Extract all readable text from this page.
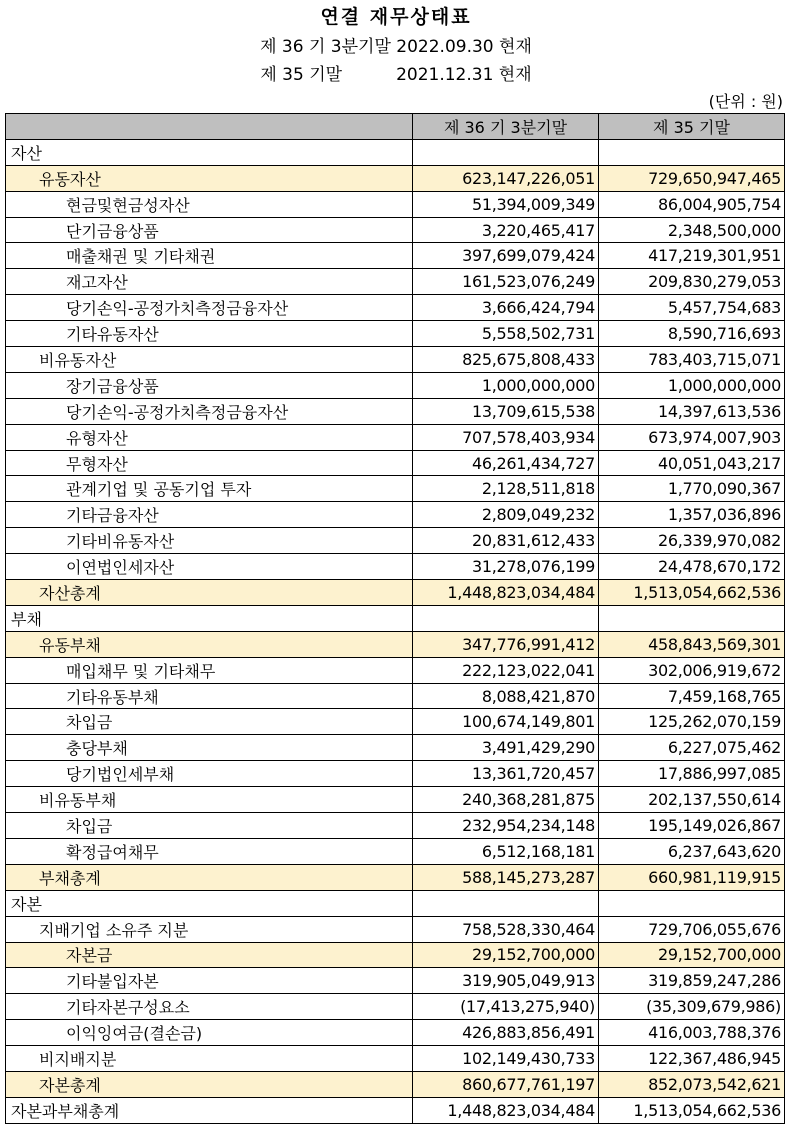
연결 재무상태표
제 36 기 3분기말 2022.09.30 현재
제 35 기말          2021.12.31 현재
(단위 : 원)
	제 36 기 3분기말	제 35 기말
자산		
유동자산	623,147,226,051	729,650,947,465
현금및현금성자산	51,394,009,349	86,004,905,754
단기금융상품	3,220,465,417	2,348,500,000
매출채권 및 기타채권	397,699,079,424	417,219,301,951
재고자산	161,523,076,249	209,830,279,053
당기손익-공정가치측정금융자산	3,666,424,794	5,457,754,683
기타유동자산	5,558,502,731	8,590,716,693
비유동자산	825,675,808,433	783,403,715,071
장기금융상품	1,000,000,000	1,000,000,000
당기손익-공정가치측정금융자산	13,709,615,538	14,397,613,536
유형자산	707,578,403,934	673,974,007,903
무형자산	46,261,434,727	40,051,043,217
관계기업 및 공동기업 투자	2,128,511,818	1,770,090,367
기타금융자산	2,809,049,232	1,357,036,896
기타비유동자산	20,831,612,433	26,339,970,082
이연법인세자산	31,278,076,199	24,478,670,172
자산총계	1,448,823,034,484	1,513,054,662,536
부채		
유동부채	347,776,991,412	458,843,569,301
매입채무 및 기타채무	222,123,022,041	302,006,919,672
기타유동부채	8,088,421,870	7,459,168,765
차입금	100,674,149,801	125,262,070,159
충당부채	3,491,429,290	6,227,075,462
당기법인세부채	13,361,720,457	17,886,997,085
비유동부채	240,368,281,875	202,137,550,614
차입금	232,954,234,148	195,149,026,867
확정급여채무	6,512,168,181	6,237,643,620
부채총계	588,145,273,287	660,981,119,915
자본		
지배기업 소유주 지분	758,528,330,464	729,706,055,676
자본금	29,152,700,000	29,152,700,000
기타불입자본	319,905,049,913	319,859,247,286
기타자본구성요소	(17,413,275,940)	(35,309,679,986)
이익잉여금(결손금)	426,883,856,491	416,003,788,376
비지배지분	102,149,430,733	122,367,486,945
자본총계	860,677,761,197	852,073,542,621
자본과부채총계	1,448,823,034,484	1,513,054,662,536
